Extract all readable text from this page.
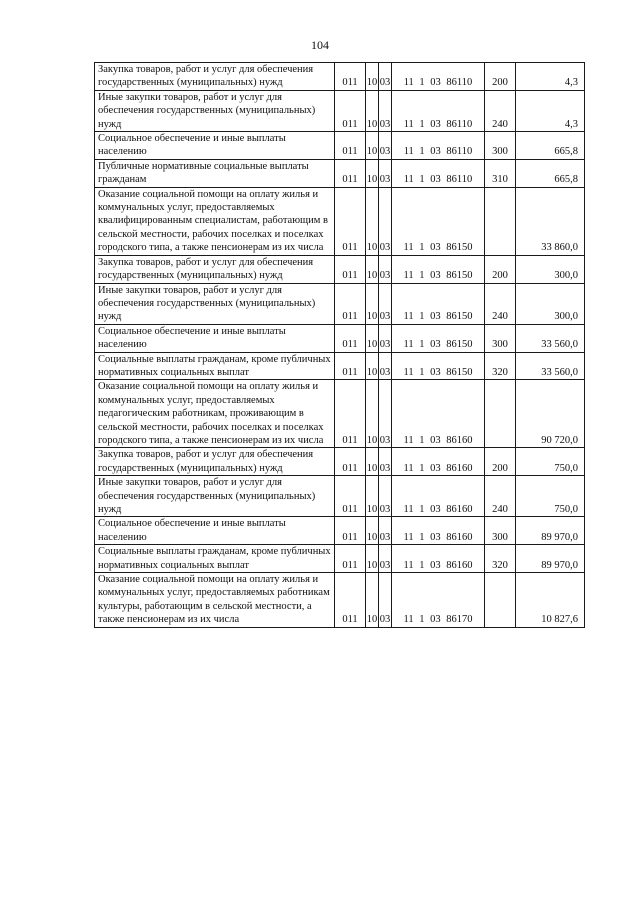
104
Закупка товаров, работ и услуг для обеспечения государственных (муниципальных) нужд	011	10	03	11 1 03 86110	200	4,3
Иные закупки товаров, работ и услуг для обеспечения государственных (муниципальных) нужд	011	10	03	11 1 03 86110	240	4,3
Социальное обеспечение и иные выплаты населению	011	10	03	11 1 03 86110	300	665,8
Публичные нормативные социальные выплаты гражданам	011	10	03	11 1 03 86110	310	665,8
Оказание социальной помощи на оплату жилья и коммунальных услуг, предоставляемых квалифицированным специалистам, работающим в сельской местности, рабочих поселках и поселках городского типа, а также пенсионерам из их числа	011	10	03	11 1 03 86150		33 860,0
Закупка товаров, работ и услуг для обеспечения государственных (муниципальных) нужд	011	10	03	11 1 03 86150	200	300,0
Иные закупки товаров, работ и услуг для обеспечения государственных (муниципальных) нужд	011	10	03	11 1 03 86150	240	300,0
Социальное обеспечение и иные выплаты населению	011	10	03	11 1 03 86150	300	33 560,0
Социальные выплаты гражданам, кроме публичных нормативных социальных выплат	011	10	03	11 1 03 86150	320	33 560,0
Оказание социальной помощи на оплату жилья и коммунальных услуг, предоставляемых педагогическим работникам, проживающим в сельской местности, рабочих поселках и поселках городского типа, а также пенсионерам из их числа	011	10	03	11 1 03 86160		90 720,0
Закупка товаров, работ и услуг для обеспечения государственных (муниципальных) нужд	011	10	03	11 1 03 86160	200	750,0
Иные закупки товаров, работ и услуг для обеспечения государственных (муниципальных) нужд	011	10	03	11 1 03 86160	240	750,0
Социальное обеспечение и иные выплаты населению	011	10	03	11 1 03 86160	300	89 970,0
Социальные выплаты гражданам, кроме публичных нормативных социальных выплат	011	10	03	11 1 03 86160	320	89 970,0
Оказание социальной помощи на оплату жилья и коммунальных услуг, предоставляемых работникам культуры, работающим в сельской местности, а также пенсионерам из их числа	011	10	03	11 1 03 86170		10 827,6
